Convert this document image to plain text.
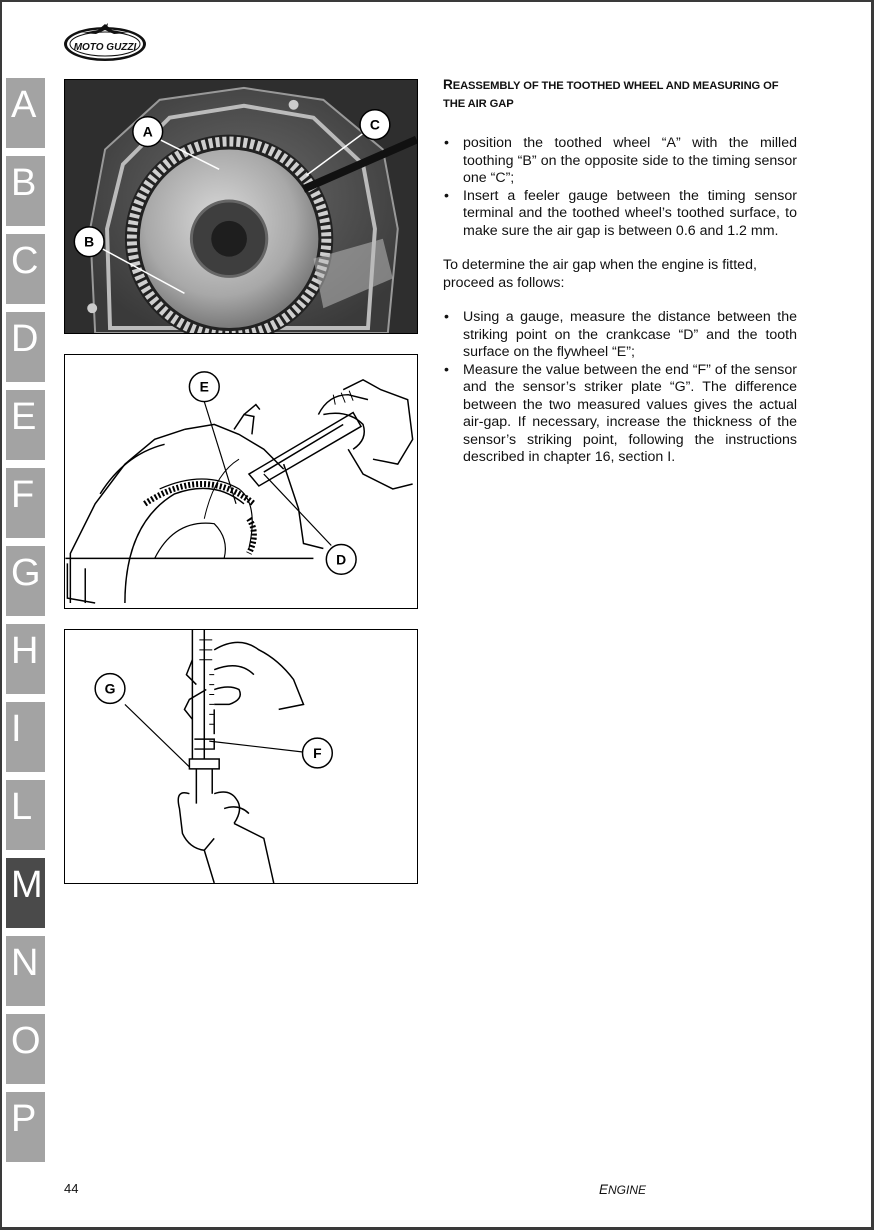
MOTO GUZZI
A
B
C
D
E
F
G
H
I
L
M
N
O
P
A	C
B
E
D
G
F
REASSEMBLY OF THE TOOTHED WHEEL AND MEASURING OF THE AIR GAP
• position the toothed wheel “A” with the milled toothing “B” on the opposite side to the timing sensor one “C”;
• Insert a feeler gauge between the timing sensor terminal and the toothed wheel’s toothed surface, to make sure the air gap is between 0.6 and 1.2 mm.

To determine the air gap when the engine is fitted, proceed as follows:

• Using a gauge, measure the distance between the striking point on the crankcase “D” and the tooth surface on the flywheel “E”;
• Measure the value between the end “F” of the sensor and the sensor’s striker plate “G”. The difference between the two measured values gives the actual air-gap. If necessary, increase the thickness of the sensor’s striking point, following the instructions described in chapter 16, section I.
44	ENGINE
